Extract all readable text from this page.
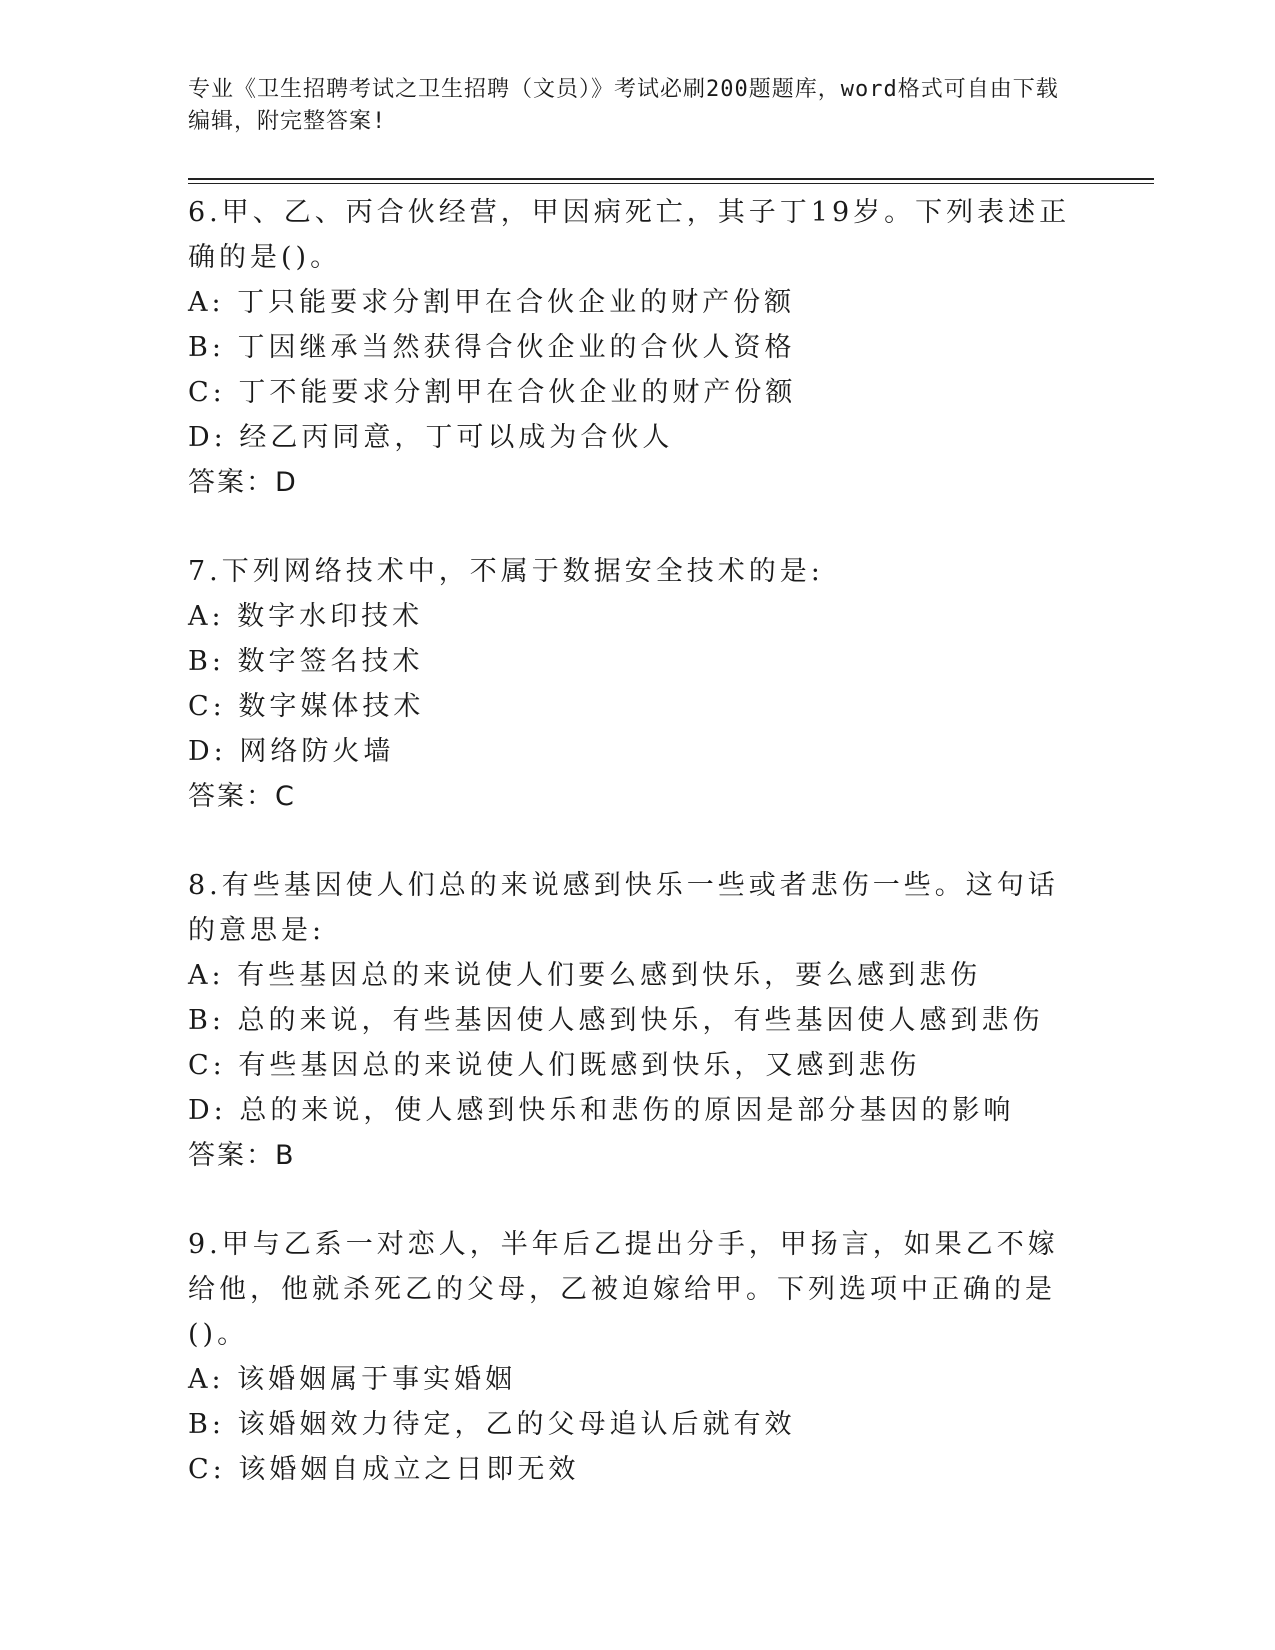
专业《卫生招聘考试之卫生招聘（文员）》考试必刷200题题库，word格式可自由下载编辑，附完整答案!
6.甲、乙、丙合伙经营，甲因病死亡，其子丁19岁。下列表述正确的是()。
A: 丁只能要求分割甲在合伙企业的财产份额
B: 丁因继承当然获得合伙企业的合伙人资格
C: 丁不能要求分割甲在合伙企业的财产份额
D: 经乙丙同意，丁可以成为合伙人
答案：D
7.下列网络技术中，不属于数据安全技术的是:
A: 数字水印技术
B: 数字签名技术
C: 数字媒体技术
D: 网络防火墙
答案：C
8.有些基因使人们总的来说感到快乐一些或者悲伤一些。这句话的意思是:
A: 有些基因总的来说使人们要么感到快乐，要么感到悲伤
B: 总的来说，有些基因使人感到快乐，有些基因使人感到悲伤
C: 有些基因总的来说使人们既感到快乐，又感到悲伤
D: 总的来说，使人感到快乐和悲伤的原因是部分基因的影响
答案：B
9.甲与乙系一对恋人，半年后乙提出分手，甲扬言，如果乙不嫁给他，他就杀死乙的父母，乙被迫嫁给甲。下列选项中正确的是()。
A: 该婚姻属于事实婚姻
B: 该婚姻效力待定，乙的父母追认后就有效
C: 该婚姻自成立之日即无效
